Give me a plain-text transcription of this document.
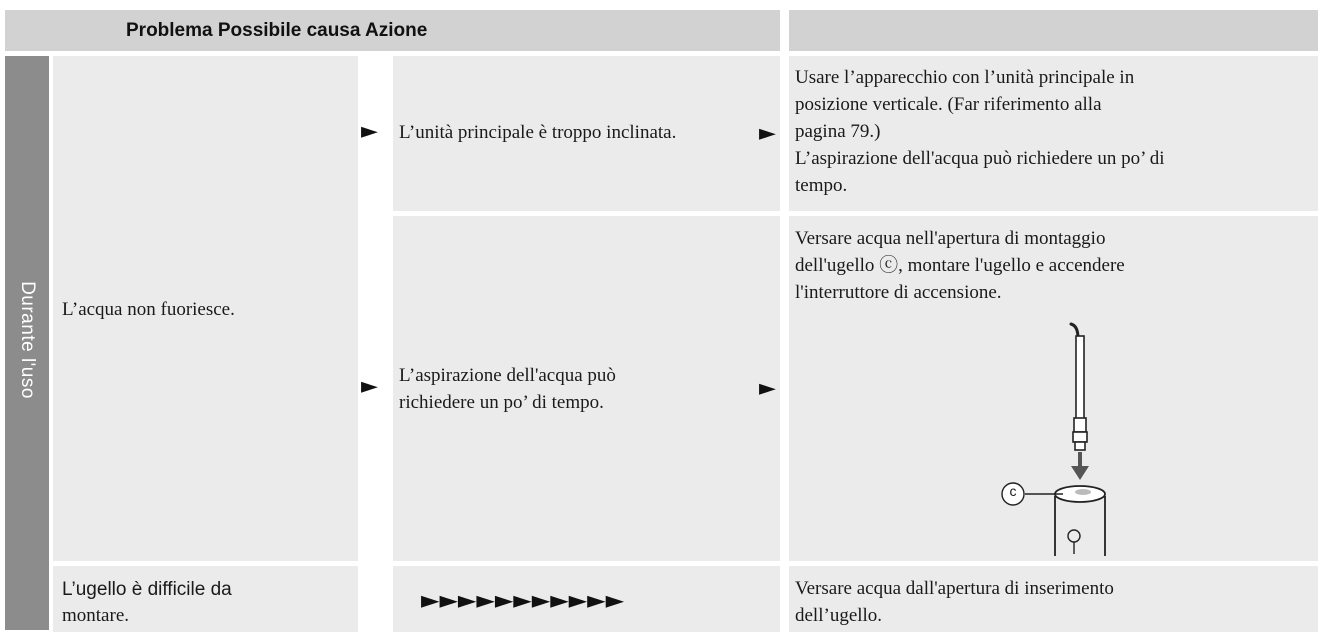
Problema Possibile causa Azione
Durante l'uso L’acqua non fuoriesce.
► L’unità principale è troppo inclinata.	►
Usare l’apparecchio con l’unità principale in
posizione verticale. (Far riferimento alla
pagina 79.)
L’aspirazione dell'acqua può richiedere un po’ di
tempo.
► L’aspirazione dell'acqua può
richiedere un po’ di tempo.
►
Versare acqua nell'apertura di montaggio
dell'ugello ⓒ, montare l'ugello e accendere
l'interruttore di accensione.
c
L’ugello è difficile da
montare.
►►►►►►►►►►►	Versare acqua dall'apertura di inserimento
dell’ugello.
